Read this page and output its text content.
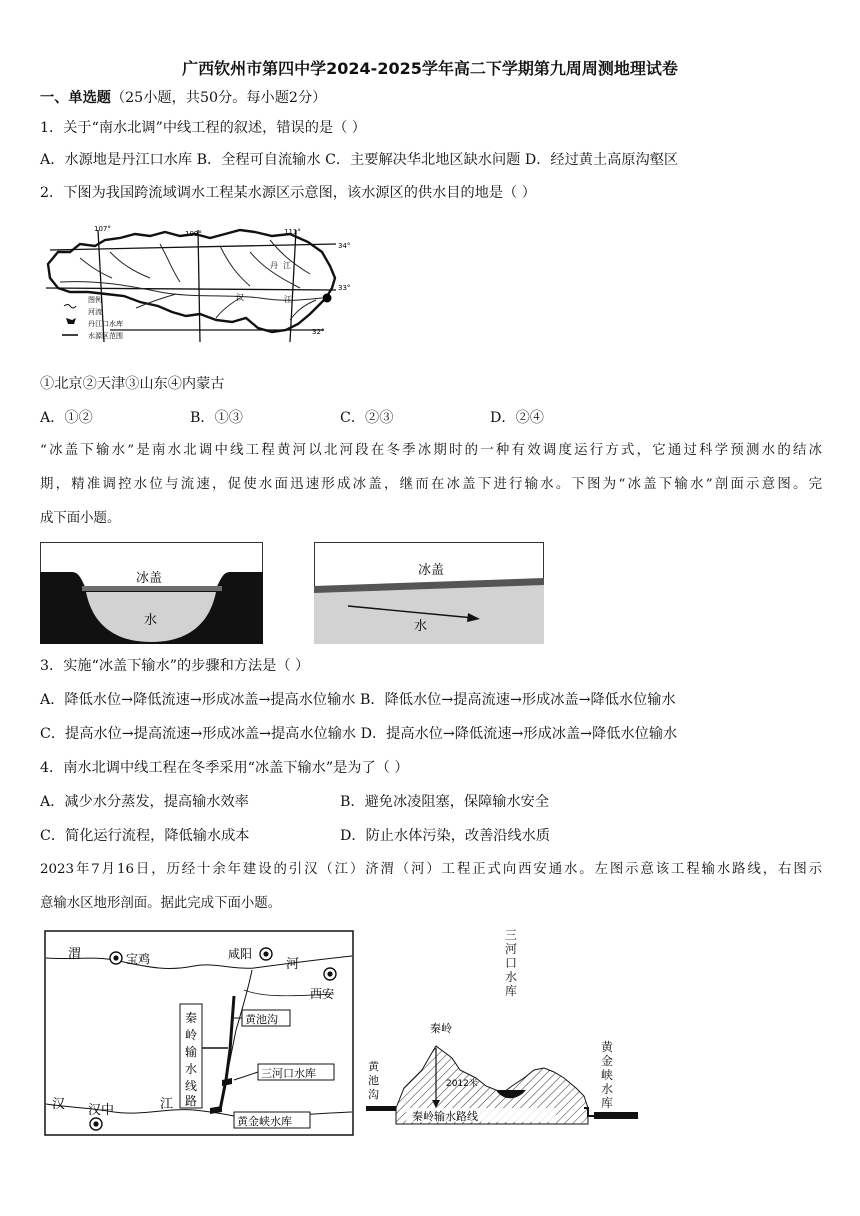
广西钦州市第四中学2024-2025学年高二下学期第九周周测地理试卷
一、单选题（25小题，共50分。每小题2分）
1．关于“南水北调”中线工程的叙述，错误的是（ ）
A．水源地是丹江口水库 B．全程可自流输水 C．主要解决华北地区缺水问题 D．经过黄土高原沟壑区
2．下图为我国跨流域调水工程某水源区示意图，该水源区的供水目的地是（ ）
107°
109°	111°
34°
33°
32°
丹 江
汉	江
图例
河流
丹江口水库
水源区范围
①北京②天津③山东④内蒙古
A．①②	B．①③	C．②③	D．②④
“冰盖下输水”是南水北调中线工程黄河以北河段在冬季冰期时的一种有效调度运行方式，它通过科学预测水的结冰
期，精准调控水位与流速，促使水面迅速形成冰盖，继而在冰盖下进行输水。下图为“冰盖下输水”剖面示意图。完
成下面小题。
冰盖
水
冰盖
水
3．实施“冰盖下输水”的步骤和方法是（ ）
A．降低水位→降低流速→形成冰盖→提高水位输水 B．降低水位→提高流速→形成冰盖→降低水位输水
C．提高水位→提高流速→形成冰盖→提高水位输水 D．提高水位→降低流速→形成冰盖→降低水位输水
4．南水北调中线工程在冬季采用“冰盖下输水”是为了（ ）
A．减少水分蒸发，提高输水效率	B．避免冰凌阻塞，保障输水安全
C．简化运行流程，降低输水成本	D．防止水体污染，改善沿线水质
2023年7月16日，历经十余年建设的引汉（江）济渭（河）工程正式向西安通水。左图示意该工程输水路线，右图示
意输水区地形剖面。据此完成下面小题。
渭	宝鸡	咸阳
河
西安
秦
岭
输
水
线
路
黄池沟
三河口水库
黄金峡水库
汉 汉中	江
秦岭
2012米
秦岭输水路线
黄
池
沟
三
河
口
水
库
黄
金
峡
水
库
